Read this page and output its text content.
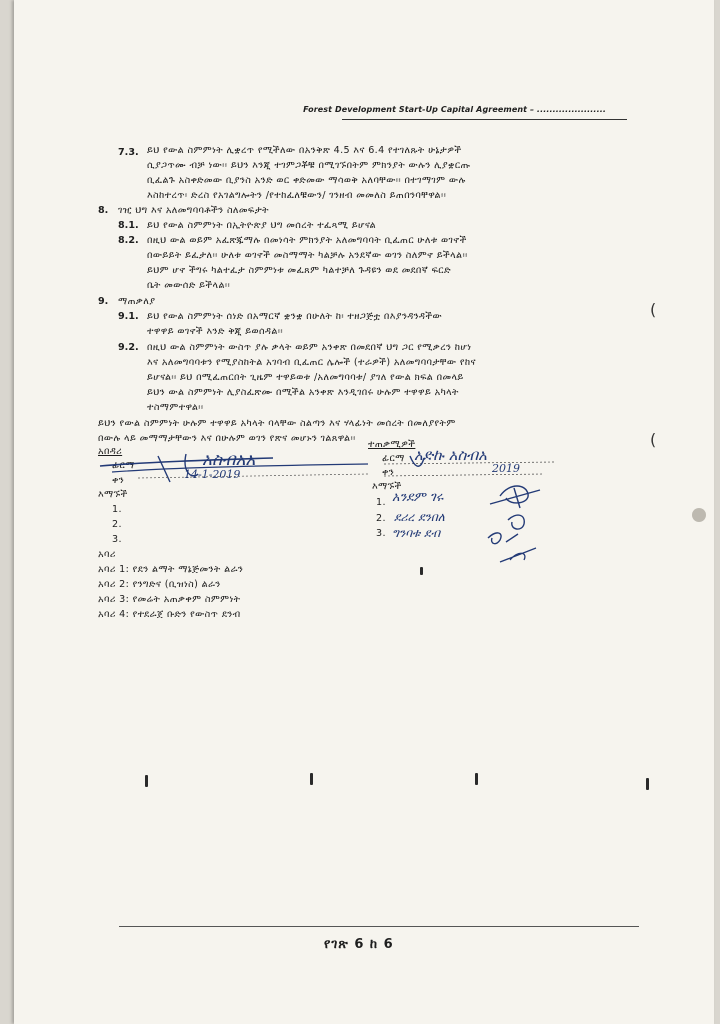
Forest Development Start-Up Capital Agreement – ......................
7.3. ይህ የውል ስምምነት ሊቋረጥ የሚችለው በአንቅጽ 4.5 እና 6.4 የተገለጹት ሁኔታዎች
ሲያጋጥሙ ብቻ ነው፡፡ ይህን እንጂ ተገምጋቾቹ በሚገኙበትም ምክንያት ውሉን ሊያቋርጡ
ቢፈልጉ አስቀድመው ቢያንስ አንድ ወር ቀድመው ማሳወቅ አለባቸው፡፡ በተገማገም ውሉ
እስከተረጥ፡ ድረስ የአገልግሎትን /የተከፈለቹውን/ ገንዘብ መመለስ ይጠበንባቸዋል፡፡
8. ገዢ ህግ እና አለመግባባቶችን ስለመፍታት
8.1. ይህ የውል ስምምነት በኢትዮጵያ ህግ መሰረት ተፈጻሚ ይሆናል
8.2. በዚህ ውል ወይም አፈጽጁማሉ በመነሳት ምክንያት አለመግባባት ቢፈጠር ሁለቱ ወገኖች
በውይይት ይፈታለ፡፡ ሁለቱ ወገኖች መስማማት ካልቻሉ አንደኛው ወገን ስለምኖ ይችላል፡፡
ይህም ሆኖ ችግሩ ካልተፈታ ስምምነቱ መፈጸም ካልተቻለ ጉዳዩን ወደ መደበኛ ፍርድ
ቤት መውሰድ ይችላል፡፡
9. ማጠቃለያ
9.1. ይህ የውል ስምምነት ሰነድ በአማርኛ ቋንቋ በሁለት ከ፡ ተዘጋጅቷ በእያንዳንዳችው
ተዋዋይ ወገኖች እንድ ቅጂ ይወሰዳል፡፡
9.2. በዚህ ውል ስምምነት ውስጥ ያሉ ቃላት ወይም አንቀጽ በመደበኛ ህግ ጋር የሚቃረን ከሆነ
እና አለመግባባቱን የሚያስከትል አገባብ ቢፈጠር ሌሎች (ተራዎች) አለመግባባታቸው የከና
ይሆናል፡፡ ይህ በሚፈጠርበት ጊዜም ተዋይወቱ /አለመግባባቱ/ ያገለ የውል ክፍል በመላይ
ይህን ውል ስምምነት ሊያስፈጽሙ በሚችል አንቀጽ እንዲገበሩ ሁሉም ተዋዋይ አካላት
ተስማምተዋል፡፡
ይህን የውል ስምምነት ሁሉም ተዋዋይ አካላት ባላቸው ስልጣን እና ሃላፊነት መሰረት በመለያየትም
በውሉ ላይ መማማታቸውን እና በሁሉም ወገን የጽና መሆኑን ገልጸዋል፡፡
አበዳሪ
ፊርማ
ቀን
አስብአአ
14-1-2019
እማኙች
1.
2.
3.
ተጠቃሚዎች
ፊርማ
ቀን
አድኩ አስብአ
2019
እማኙች
1. አንደም ገሩ
2. ደሪረ ደንበለ
3. ግንባቱ ደብ
አባሪ
አባሪ 1: የደን ልማት ማኔጅመንት ልራን
አባሪ 2: የንግድና (ቢዝነስ) ልራን
አባሪ 3: የመሬት አጠቃቀም ስምምነት
አባሪ 4: የተደራጀ ቡድን የውስጥ ደንብ
(
(
የገጽ 6 ከ 6
